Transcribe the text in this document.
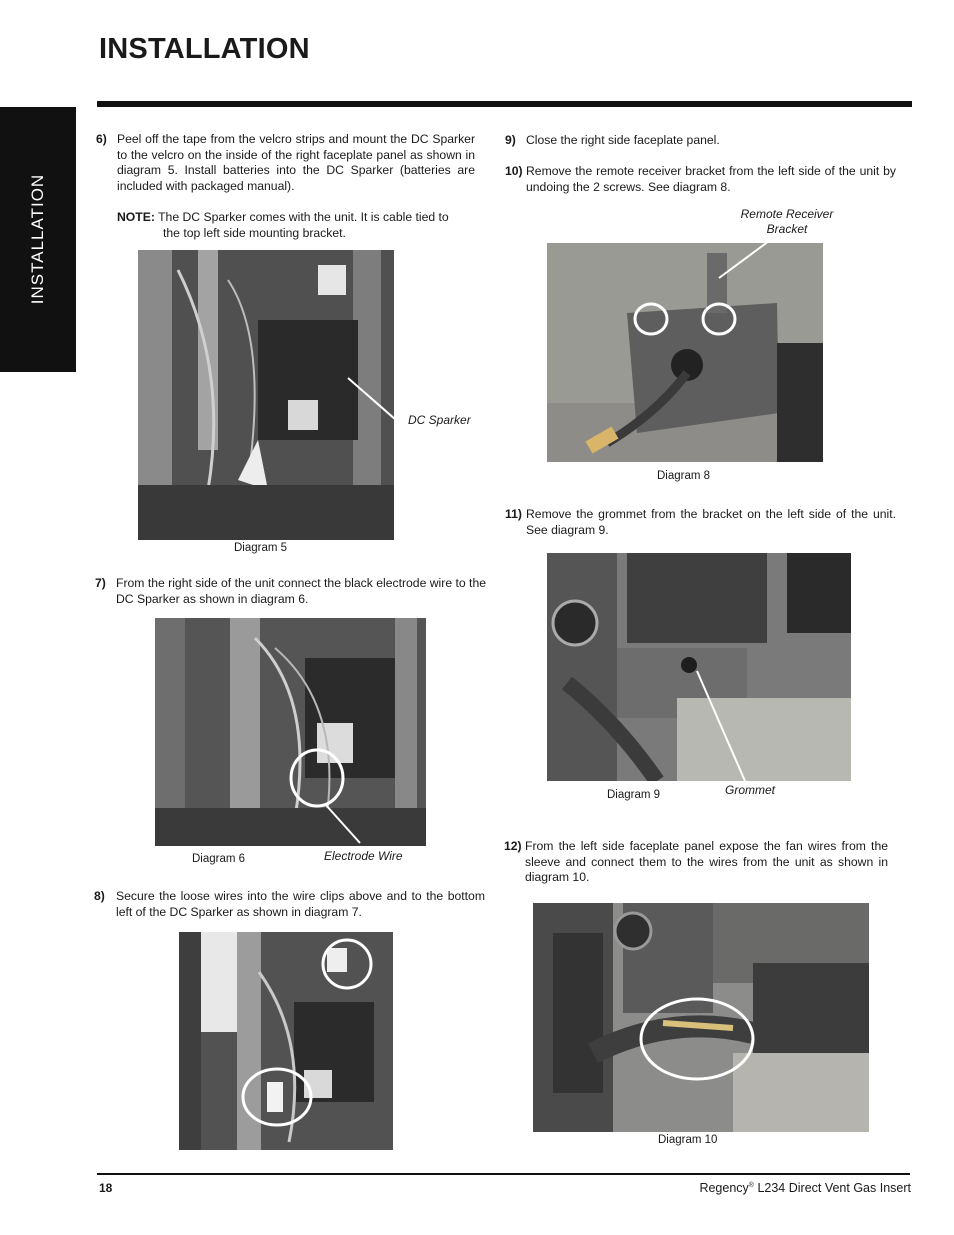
INSTALLATION
INSTALLATION
6) Peel off the tape from the velcro strips and mount the DC Sparker to the velcro on the inside of the right faceplate panel as shown in diagram 5. Install batteries into the DC Sparker (batteries are included with packaged manual).
NOTE: The DC Sparker comes with the unit. It is cable tied to
the top left side mounting bracket.
DC Sparker
Diagram 5
7) From the right side of the unit connect the black electrode wire to the DC Sparker as shown in diagram 6.
Diagram 6	Electrode Wire
8) Secure the loose wires into the wire clips above and to the bottom left of the DC Sparker as shown in diagram 7.
9) Close the right side faceplate panel.
10) Remove the remote receiver bracket from the left side of the unit by undoing the 2 screws. See diagram 8.
Remote Receiver
Bracket
Diagram 8
11) Remove the grommet from the bracket on the left side of the unit. See diagram 9.
Diagram 9	Grommet
12) From the left side faceplate panel expose the fan wires from the sleeve and connect them to the wires from the unit as shown in diagram 10.
Diagram 10
18	Regency® L234 Direct Vent Gas Insert
